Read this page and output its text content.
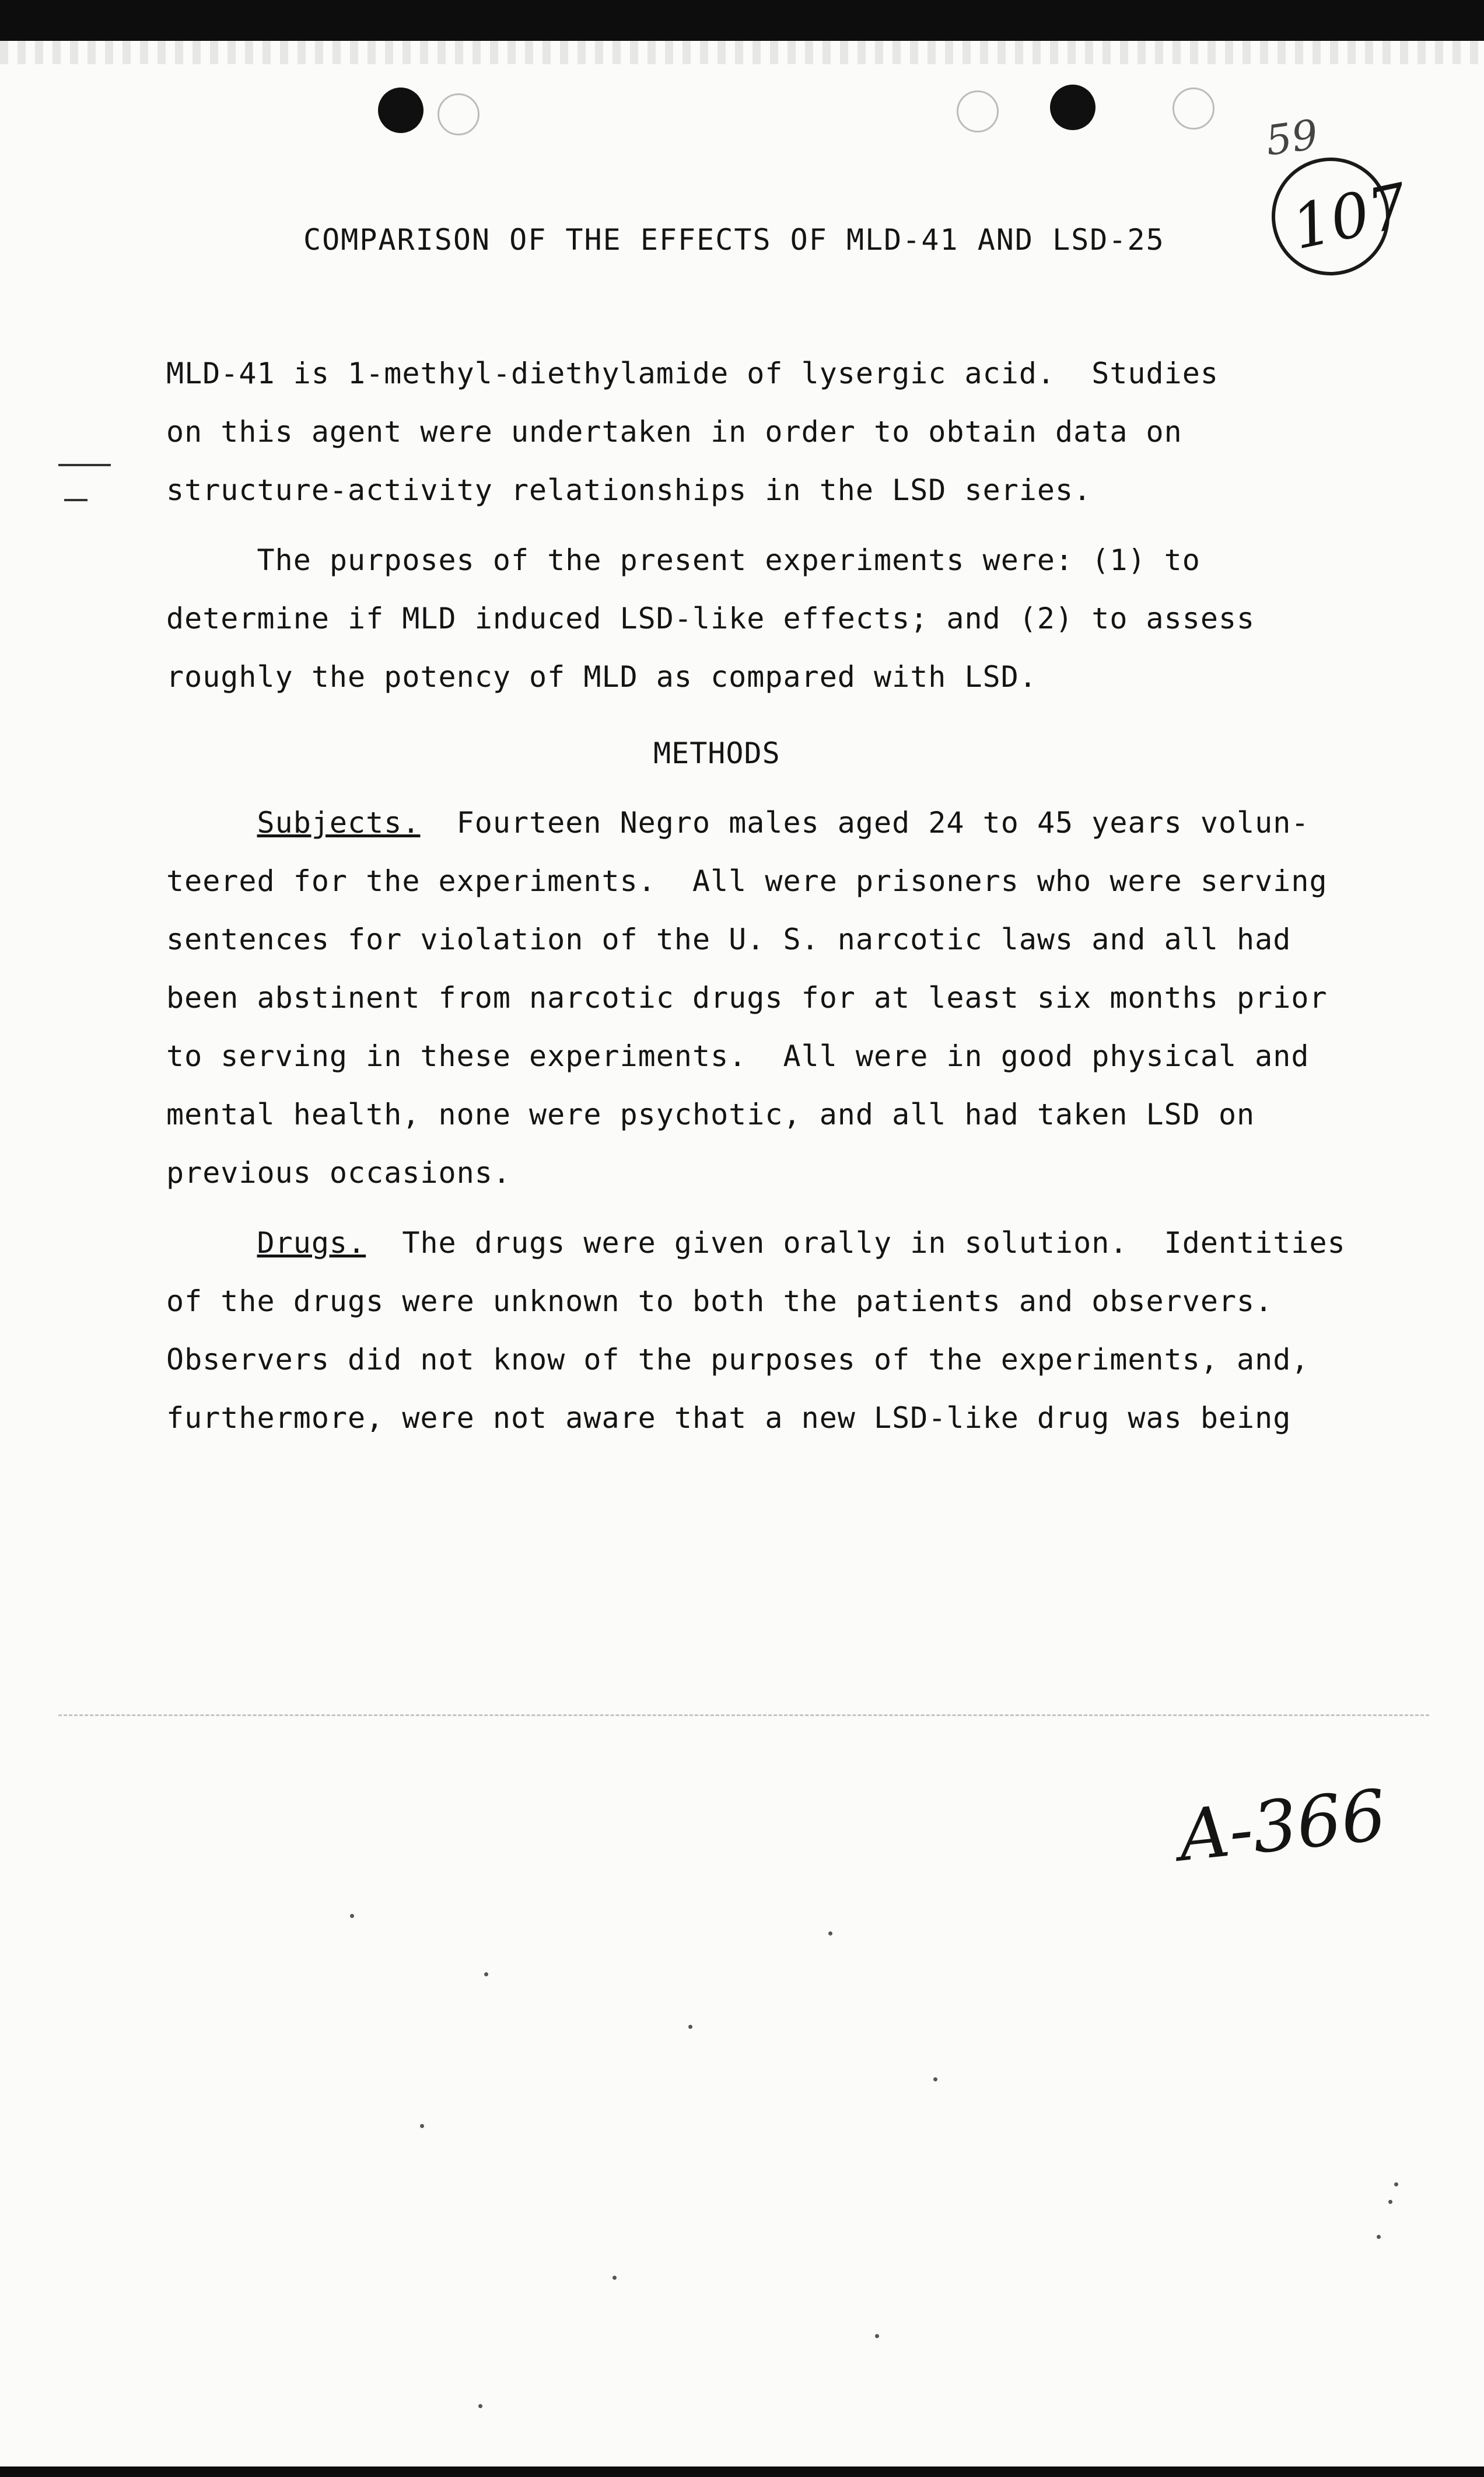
59
107
COMPARISON OF THE EFFECTS OF MLD-41 AND LSD-25

MLD-41 is 1-methyl-diethylamide of lysergic acid.  Studies
on this agent were undertaken in order to obtain data on
structure-activity relationships in the LSD series.

The purposes of the present experiments were: (1) to
determine if MLD induced LSD-like effects; and (2) to assess
roughly the potency of MLD as compared with LSD.

METHODS

Subjects.  Fourteen Negro males aged 24 to 45 years volun-
teered for the experiments.  All were prisoners who were serving
sentences for violation of the U. S. narcotic laws and all had
been abstinent from narcotic drugs for at least six months prior
to serving in these experiments.  All were in good physical and
mental health, none were psychotic, and all had taken LSD on
previous occasions.

Drugs.  The drugs were given orally in solution.  Identities
of the drugs were unknown to both the patients and observers.
Observers did not know of the purposes of the experiments, and,
furthermore, were not aware that a new LSD-like drug was being

A-366
